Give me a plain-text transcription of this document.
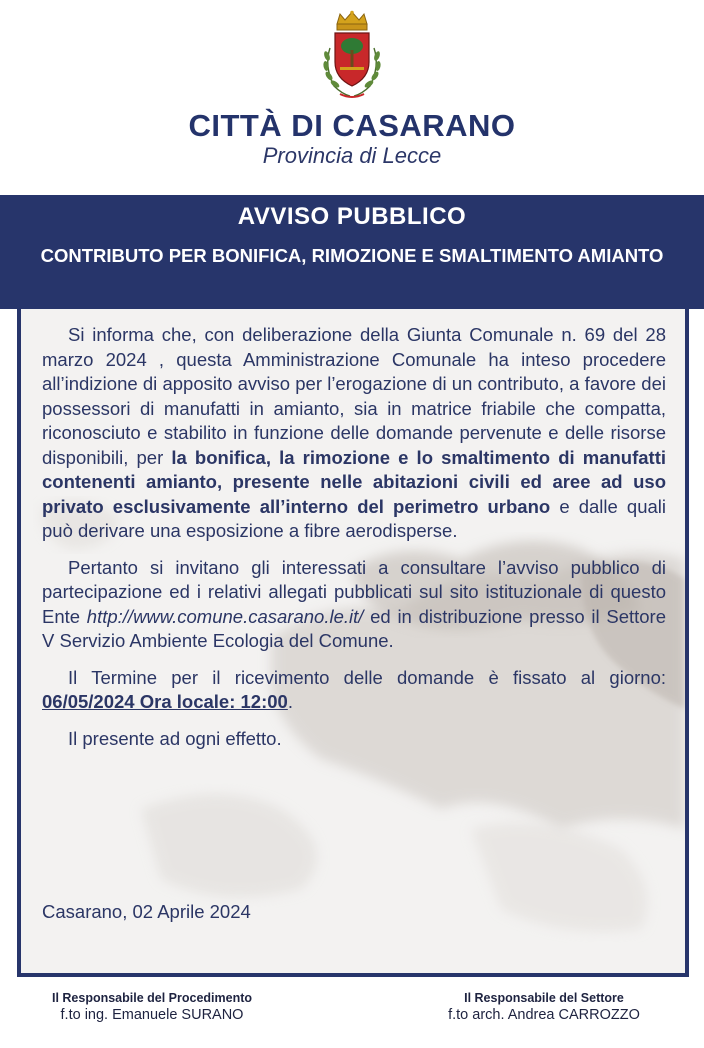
CITTÀ DI CASARANO
Provincia di Lecce
AVVISO PUBBLICO
CONTRIBUTO PER BONIFICA, RIMOZIONE E SMALTIMENTO AMIANTO

Si informa che, con deliberazione della Giunta Comunale n. 69 del 28 marzo 2024 , questa Amministrazione Comunale ha inteso procedere all’indizione di apposito avviso per l’erogazione di un contributo, a favore dei possessori di manufatti in amianto, sia in matrice friabile che compatta, riconosciuto e stabilito in funzione delle domande pervenute e delle risorse disponibili, per la bonifica, la rimozione e lo smaltimento di manufatti contenenti amianto, presente nelle abitazioni civili ed aree ad uso privato esclusivamente all’interno del perimetro urbano e dalle quali può derivare una esposizione a fibre aerodisperse.

Pertanto si invitano gli interessati a consultare l’avviso pubblico di partecipazione ed i relativi allegati pubblicati sul sito istituzionale di questo Ente http://www.comune.casarano.le.it/ ed in distribuzione presso il Settore V Servizio Ambiente Ecologia del Comune.

Il Termine per il ricevimento delle domande è fissato al giorno: 06/05/2024 Ora locale: 12:00.

Il presente ad ogni effetto.

Casarano, 02 Aprile 2024
Il Responsabile del Procedimento
f.to ing. Emanuele SURANO
Il Responsabile del Settore
f.to arch. Andrea CARROZZO
